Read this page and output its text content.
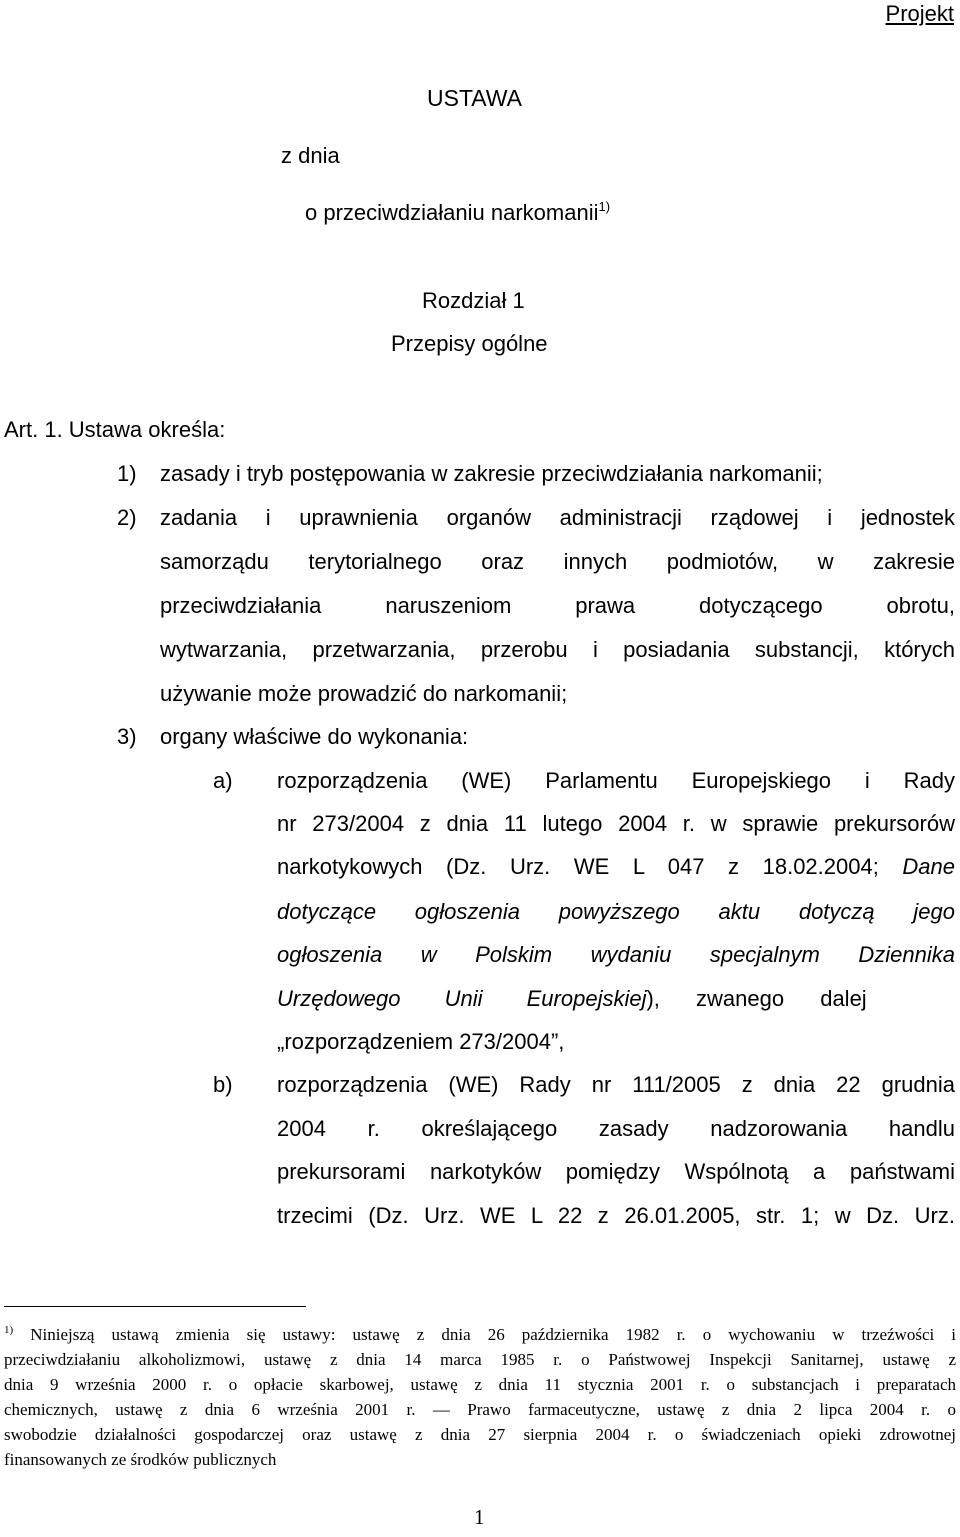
Projekt
USTAWA
z dnia
o przeciwdziałaniu narkomanii$^{1)}$
Rozdział 1
Przepisy ogólne
Art. 1. Ustawa określa:
1) zasady i tryb postępowania w zakresie przeciwdziałania narkomanii;
2) zadania i uprawnienia organów administracji rządowej i jednostek
samorządu terytorialnego oraz innych podmiotów, w zakresie
przeciwdziałania naruszeniom prawa dotyczącego obrotu,
wytwarzania, przetwarzania, przerobu i posiadania substancji, których
używanie może prowadzić do narkomanii;
3) organy właściwe do wykonania:
a) rozporządzenia (WE) Parlamentu Europejskiego i Rady
nr 273/2004 z dnia 11 lutego 2004 r. w sprawie prekursorów
narkotykowych (Dz. Urz. WE L 047 z 18.02.2004; Dane
dotyczące ogłoszenia powyższego aktu dotyczą jego
ogłoszenia w Polskim wydaniu specjalnym Dziennika
Urzędowego Unii Europejskiej), zwanego dalej
„rozporządzeniem 273/2004”,
b) rozporządzenia (WE) Rady nr 111/2005 z dnia 22 grudnia
2004 r. określającego zasady nadzorowania handlu
prekursorami narkotyków pomiędzy Wspólnotą a państwami
trzecimi (Dz. Urz. WE L 22 z 26.01.2005, str. 1; w Dz. Urz.
$^{1)}$ Niniejszą ustawą zmienia się ustawy: ustawę z dnia 26 października 1982 r. o wychowaniu w trzeźwości i
przeciwdziałaniu alkoholizmowi, ustawę z dnia 14 marca 1985 r. o Państwowej Inspekcji Sanitarnej, ustawę z
dnia 9 września 2000 r. o opłacie skarbowej, ustawę z dnia 11 stycznia 2001 r. o substancjach i preparatach
chemicznych, ustawę z dnia 6 września 2001 r. — Prawo farmaceutyczne, ustawę z dnia 2 lipca 2004 r. o
swobodzie działalności gospodarczej oraz ustawę z dnia 27 sierpnia 2004 r. o świadczeniach opieki zdrowotnej
finansowanych ze środków publicznych
1
